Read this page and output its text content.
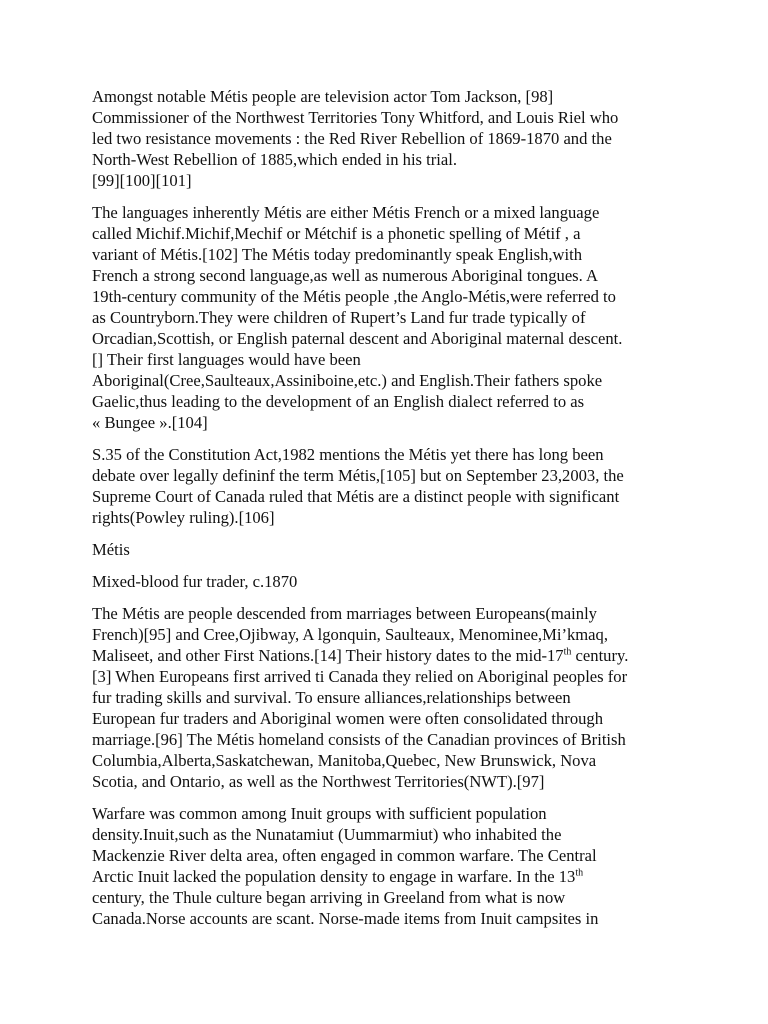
Amongst notable Métis people are television actor Tom Jackson, [98]
Commissioner of the Northwest Territories Tony Whitford, and Louis Riel who
led two resistance movements : the Red River Rebellion of 1869-1870 and the
North-West Rebellion of 1885,which ended in his trial.
[99][100][101]

The languages inherently Métis are either Métis French or a mixed language
called Michif.Michif,Mechif or Métchif is a phonetic spelling of Métif , a
variant of Métis.[102] The Métis today predominantly speak English,with
French a strong second language,as well as numerous Aboriginal tongues. A
19th-century community of the Métis people ,the Anglo-Métis,were referred to
as Countryborn.They were children of Rupert’s Land fur trade typically of
Orcadian,Scottish, or English paternal descent and Aboriginal maternal descent.
[] Their first languages would have been
Aboriginal(Cree,Saulteaux,Assiniboine,etc.) and English.Their fathers spoke
Gaelic,thus leading to the development of an English dialect referred to as
« Bungee ».[104]

S.35 of the Constitution Act,1982 mentions the Métis yet there has long been
debate over legally defininf the term Métis,[105] but on September 23,2003, the
Supreme Court of Canada ruled that Métis are a distinct people with significant
rights(Powley ruling).[106]

Métis

Mixed-blood fur trader, c.1870

The Métis are people descended from marriages between Europeans(mainly
French)[95] and Cree,Ojibway, A lgonquin, Saulteaux, Menominee,Mi’kmaq,
Maliseet, and other First Nations.[14] Their history dates to the mid-17th century.
[3] When Europeans first arrived ti Canada they relied on Aboriginal peoples for
fur trading skills and survival. To ensure alliances,relationships between
European fur traders and Aboriginal women were often consolidated through
marriage.[96] The Métis homeland consists of the Canadian provinces of British
Columbia,Alberta,Saskatchewan, Manitoba,Quebec, New Brunswick, Nova
Scotia, and Ontario, as well as the Northwest Territories(NWT).[97]

Warfare was common among Inuit groups with sufficient population
density.Inuit,such as the Nunatamiut (Uummarmiut) who inhabited the
Mackenzie River delta area, often engaged in common warfare. The Central
Arctic Inuit lacked the population density to engage in warfare. In the 13th
century, the Thule culture began arriving in Greeland from what is now
Canada.Norse accounts are scant. Norse-made items from Inuit campsites in
